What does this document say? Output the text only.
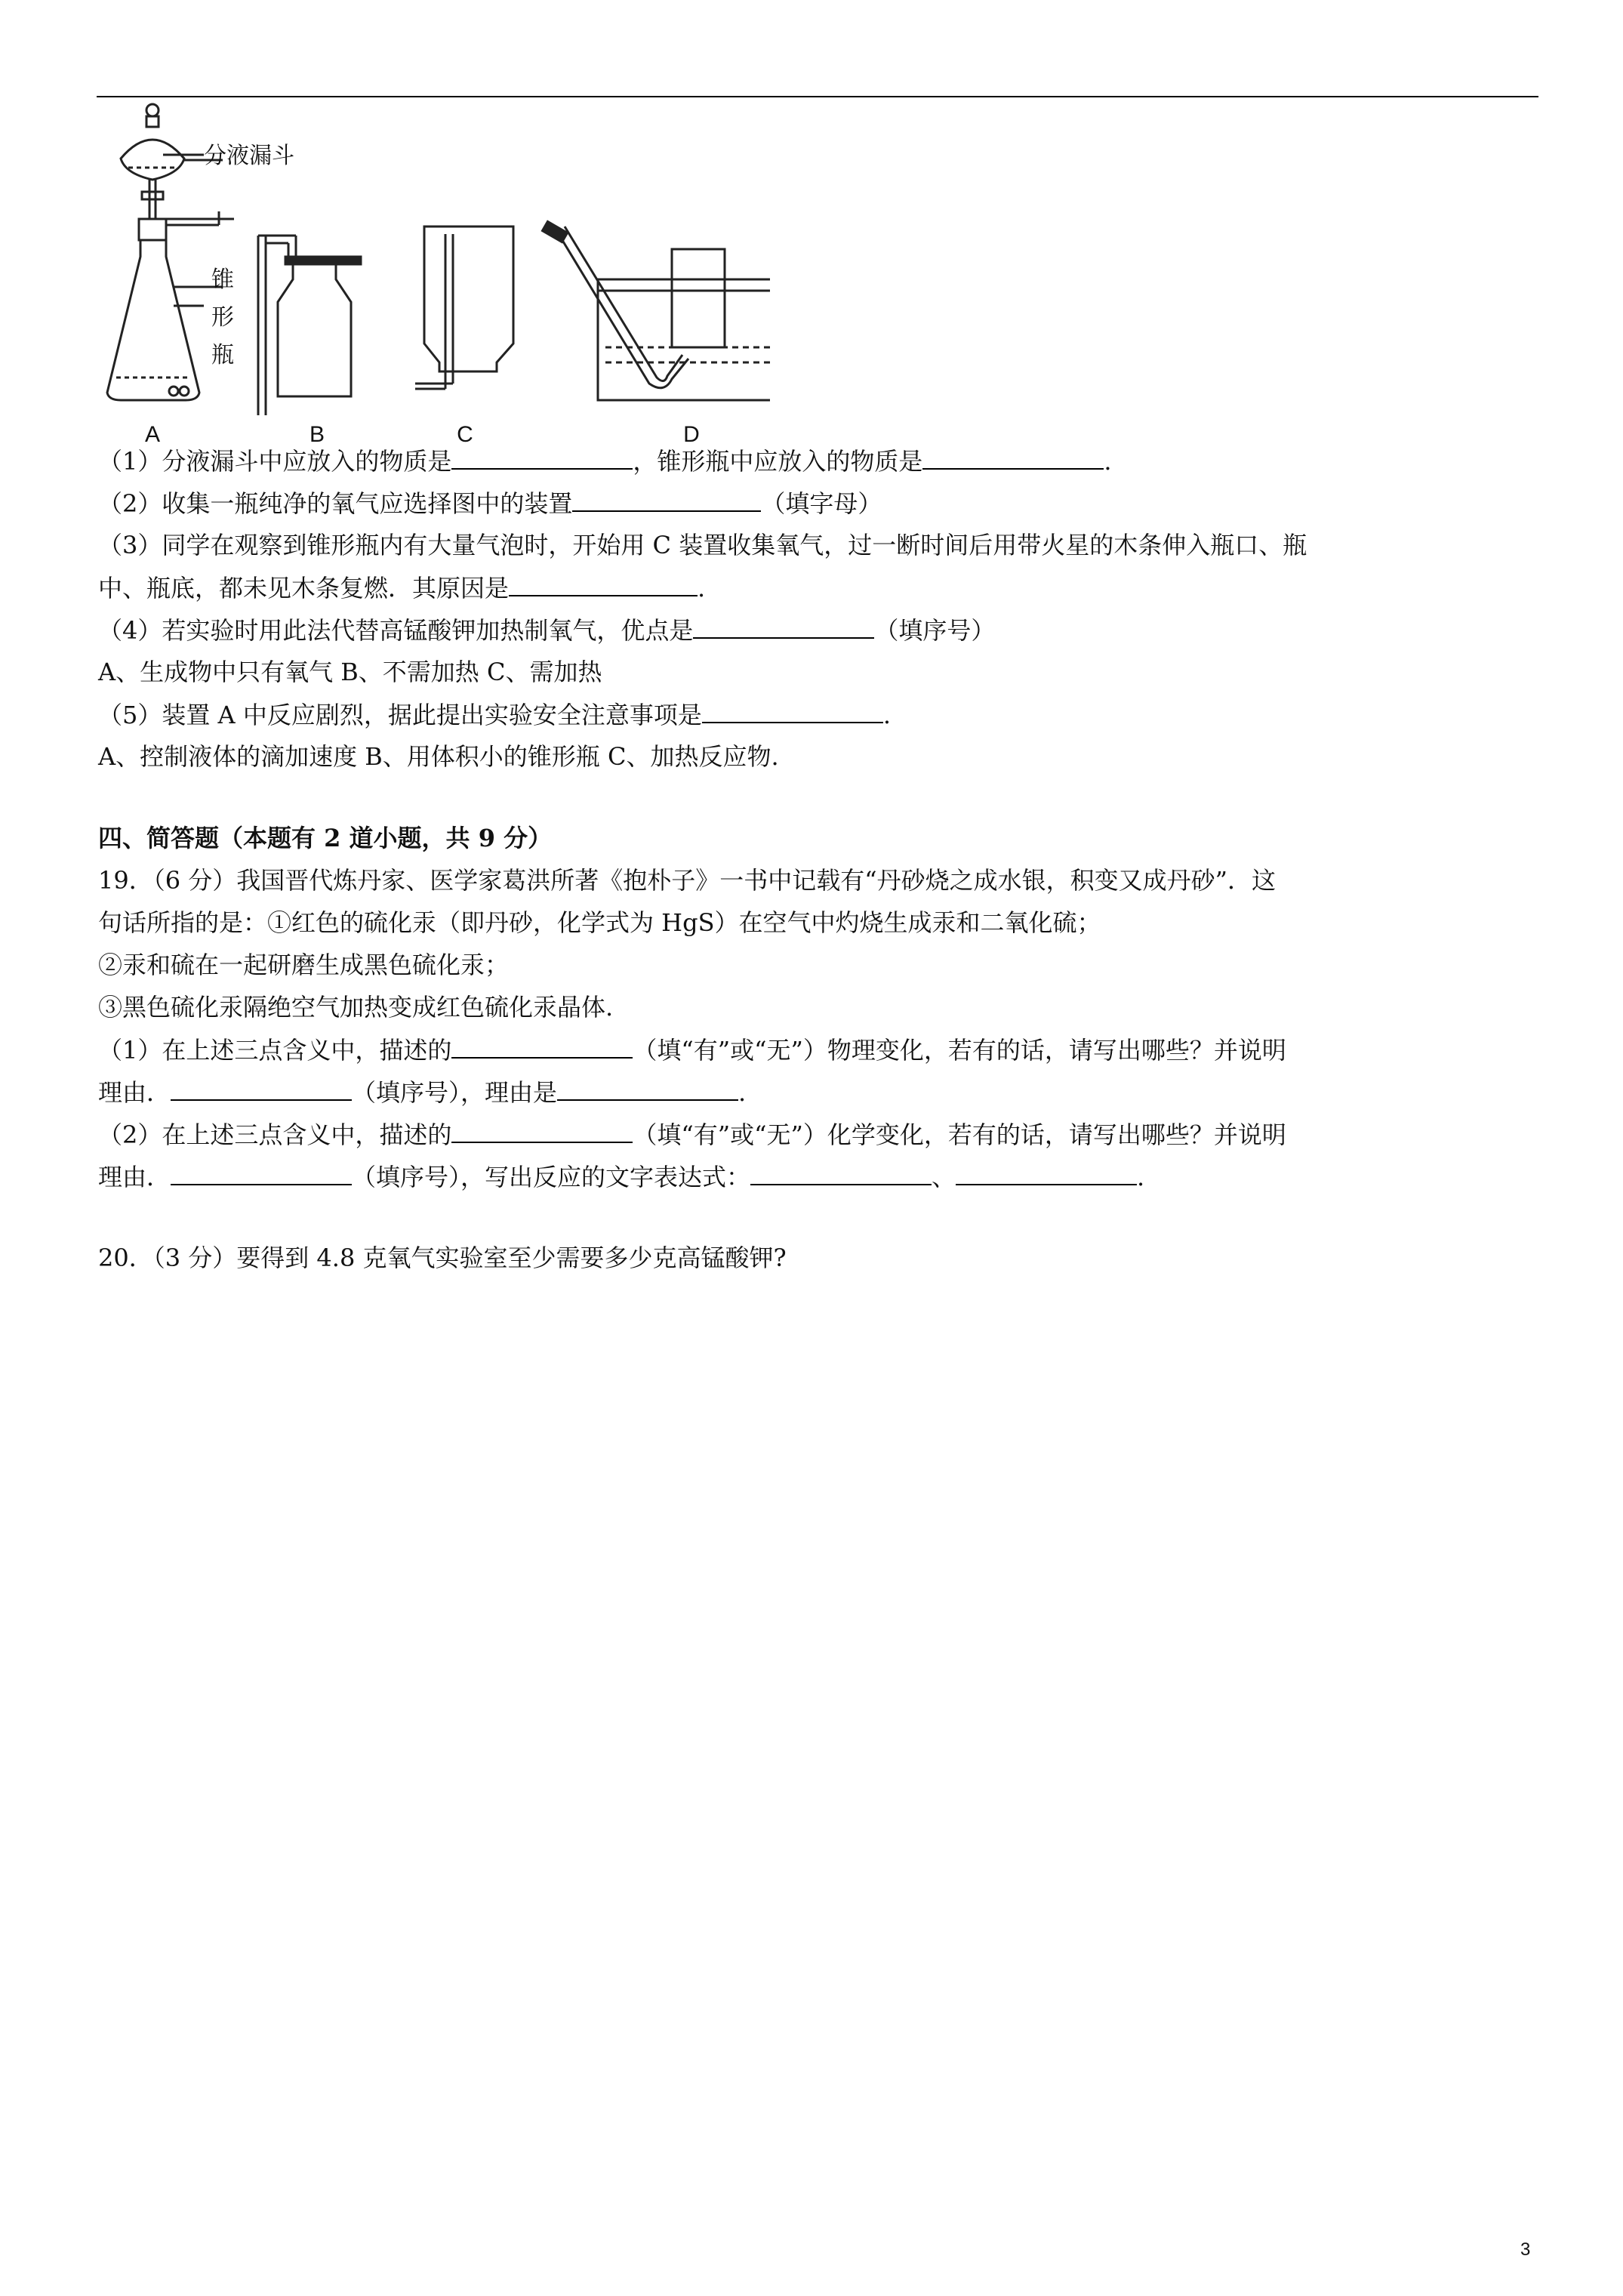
分液漏斗
锥
形
瓶
A	B	C	D
（1）分液漏斗中应放入的物质是	，锥形瓶中应放入的物质是	.
（2）收集一瓶纯净的氧气应选择图中的装置	（填字母）
（3）同学在观察到锥形瓶内有大量气泡时，开始用 C 装置收集氧气，过一断时间后用带火星的木条伸入瓶口、瓶
中、瓶底，都未见木条复燃．其原因是	.
（4）若实验时用此法代替高锰酸钾加热制氧气，优点是	（填序号）
A、生成物中只有氧气 B、不需加热 C、需加热
（5）装置 A 中反应剧烈，据此提出实验安全注意事项是	.
A、控制液体的滴加速度 B、用体积小的锥形瓶 C、加热反应物.
四、简答题（本题有 2 道小题，共 9 分）
19．（6 分）我国晋代炼丹家、医学家葛洪所著《抱朴子》一书中记载有“丹砂烧之成水银，积变又成丹砂”．这
句话所指的是：①红色的硫化汞（即丹砂，化学式为 HgS）在空气中灼烧生成汞和二氧化硫；
②汞和硫在一起研磨生成黑色硫化汞；
③黑色硫化汞隔绝空气加热变成红色硫化汞晶体.
（1）在上述三点含义中，描述的	（填“有”或“无”）物理变化，若有的话，请写出哪些？并说明
理由．	（填序号），理由是	.
（2）在上述三点含义中，描述的	（填“有”或“无”）化学变化，若有的话，请写出哪些？并说明
理由．	（填序号），写出反应的文字表达式：	、	.
20．（3 分）要得到 4.8 克氧气实验室至少需要多少克高锰酸钾?
3
